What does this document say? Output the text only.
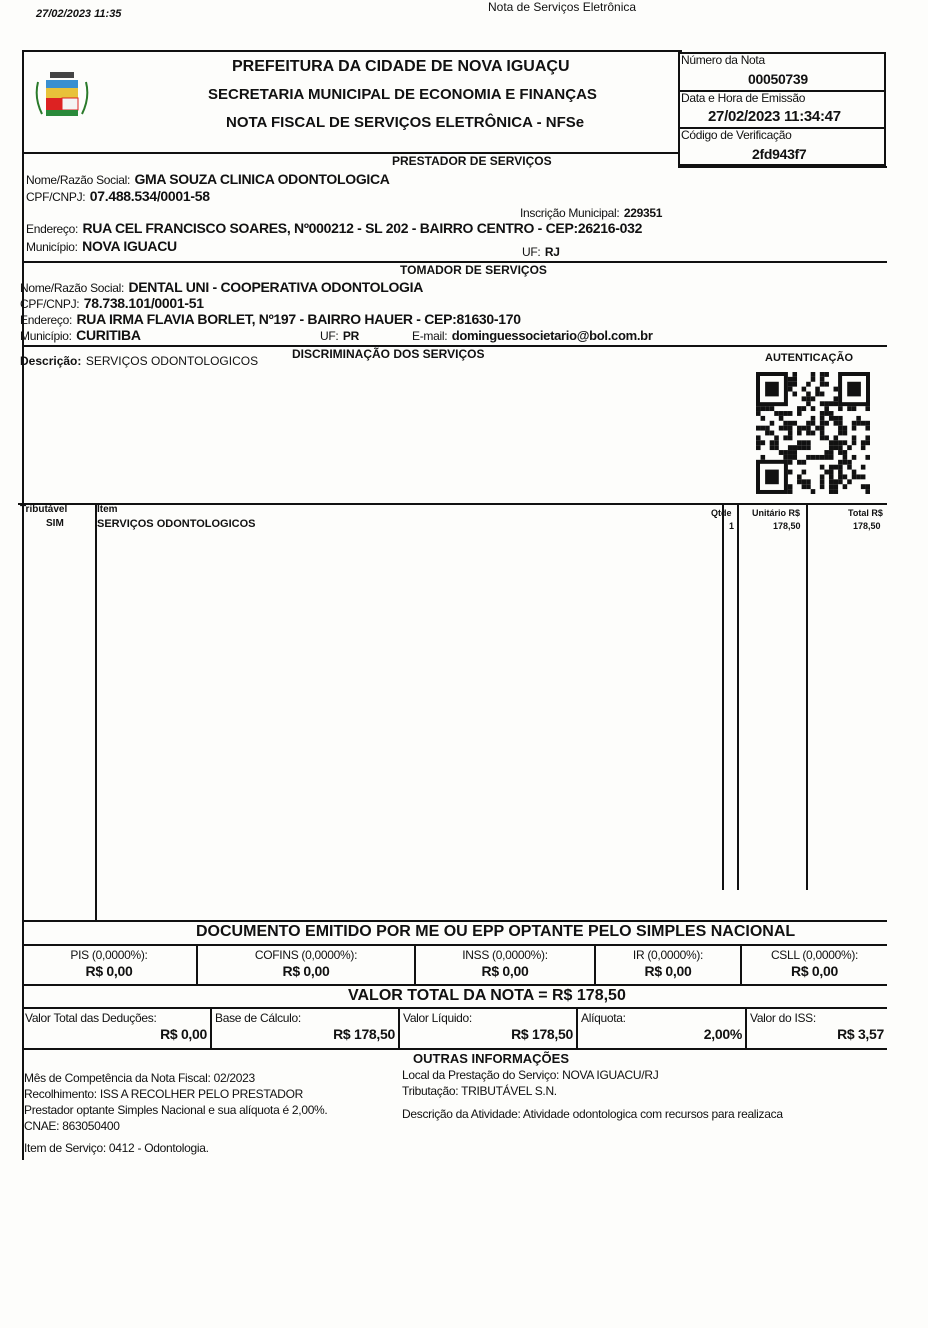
27/02/2023 11:35	Nota de Serviços Eletrônica
PREFEITURA DA CIDADE DE NOVA IGUAÇU
SECRETARIA MUNICIPAL DE ECONOMIA E FINANÇAS
NOTA FISCAL DE SERVIÇOS ELETRÔNICA - NFSe
Número da Nota
00050739
Data e Hora de Emissão
27/02/2023 11:34:47
Código de Verificação
2fd943f7
PRESTADOR DE SERVIÇOS
Nome/Razão Social: GMA SOUZA CLINICA ODONTOLOGICA
CPF/CNPJ: 07.488.534/0001-58
Inscrição Municipal: 229351
Endereço: RUA CEL FRANCISCO SOARES, Nº000212 - SL 202 - BAIRRO CENTRO - CEP:26216-032
Município: NOVA IGUACU	UF: RJ
TOMADOR DE SERVIÇOS
Nome/Razão Social: DENTAL UNI - COOPERATIVA ODONTOLOGIA
CPF/CNPJ: 78.738.101/0001-51
Endereço: RUA IRMA FLAVIA BORLET, Nº197 - BAIRRO HAUER - CEP:81630-170
Município: CURITIBA	UF: PR	E-mail: dominguessocietario@bol.com.br
DISCRIMINAÇÃO DOS SERVIÇOS
Descrição: SERVIÇOS ODONTOLOGICOS	AUTENTICAÇÃO
Tributável	Item	Qtde Unitário R$	Total R$
SIM	SERVIÇOS ODONTOLOGICOS	1	178,50	178,50
DOCUMENTO EMITIDO POR ME OU EPP OPTANTE PELO SIMPLES NACIONAL
PIS (0,0000%):
R$ 0,00
COFINS (0,0000%):
R$ 0,00
INSS (0,0000%):
R$ 0,00
IR (0,0000%):
R$ 0,00
CSLL (0,0000%):
R$ 0,00
VALOR TOTAL DA NOTA = R$ 178,50
Valor Total das Deduções:
R$ 0,00
Base de Cálculo:
R$ 178,50
Valor Líquido:
R$ 178,50
Alíquota:
2,00%
Valor do ISS:
R$ 3,57
OUTRAS INFORMAÇÕES
Local da Prestação do Serviço: NOVA IGUACU/RJ
Tributação: TRIBUTÁVEL S.N.
Descrição da Atividade: Atividade odontologica com recursos para realizaca
Mês de Competência da Nota Fiscal: 02/2023
Recolhimento: ISS A RECOLHER PELO PRESTADOR
Prestador optante Simples Nacional e sua alíquota é 2,00%.
CNAE: 863050400
Item de Serviço: 0412 - Odontologia.
